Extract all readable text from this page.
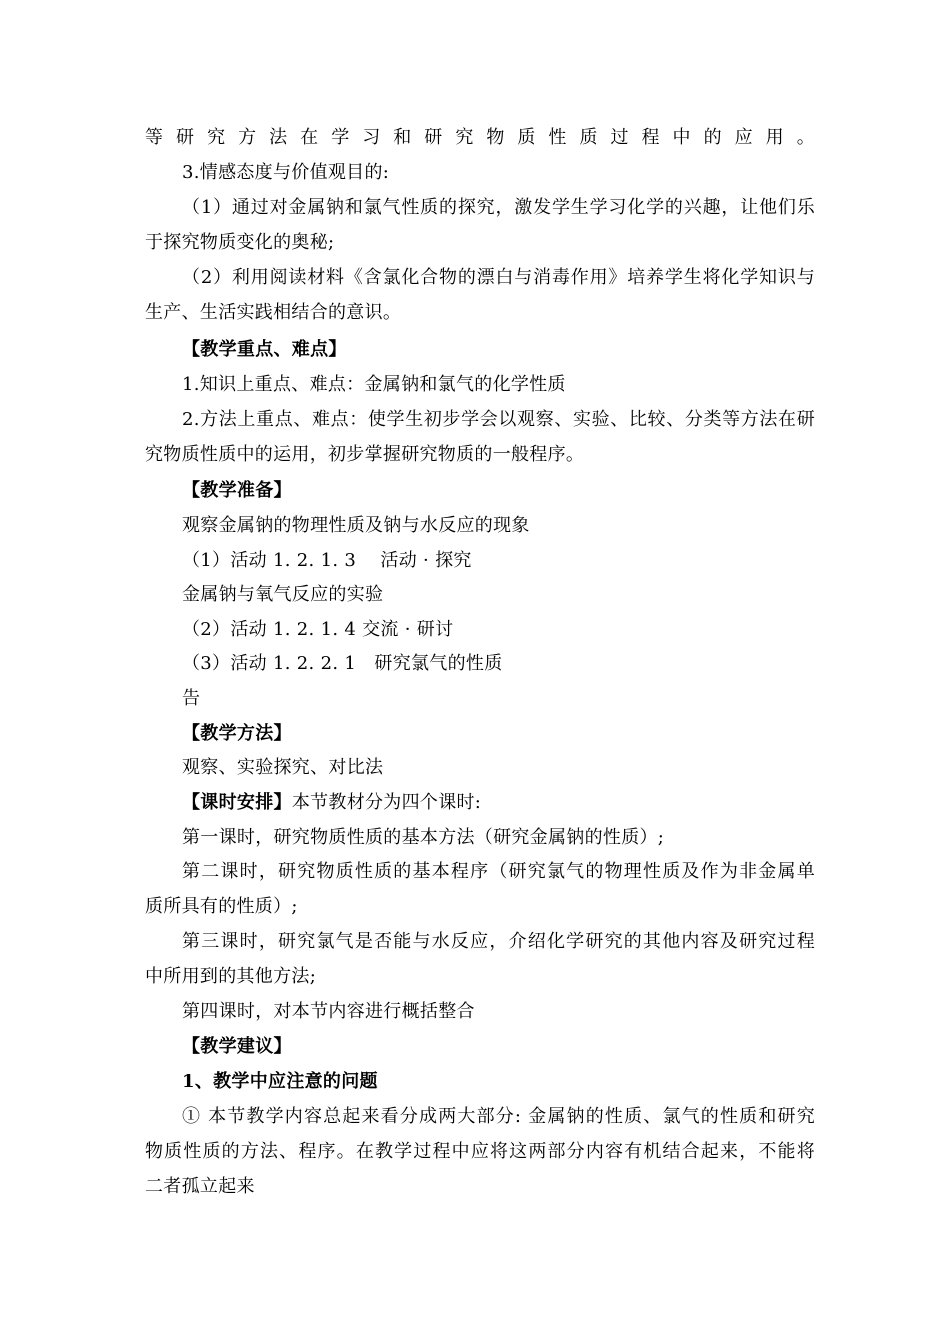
等研究方法在学习和研究物质性质过程中的应用。
3.情感态度与价值观目的:
（1）通过对金属钠和氯气性质的探究，激发学生学习化学的兴趣，让他们乐
于探究物质变化的奥秘;
（2）利用阅读材料《含氯化合物的漂白与消毒作用》培养学生将化学知识与
生产、生活实践相结合的意识。
【教学重点、难点】
1.知识上重点、难点：金属钠和氯气的化学性质
2.方法上重点、难点：使学生初步学会以观察、实验、比较、分类等方法在研
究物质性质中的运用，初步掌握研究物质的一般程序。
【教学准备】
观察金属钠的物理性质及钠与水反应的现象
（1）活动 1. 2. 1. 3　 活动 · 探究
金属钠与氧气反应的实验
（2）活动 1. 2. 1. 4 交流 · 研讨
（3）活动 1. 2. 2. 1　研究氯气的性质
告
【教学方法】
观察、实验探究、对比法
【课时安排】本节教材分为四个课时:
第一课时，研究物质性质的基本方法（研究金属钠的性质）;
第二课时，研究物质性质的基本程序（研究氯气的物理性质及作为非金属单
质所具有的性质）;
第三课时，研究氯气是否能与水反应，介绍化学研究的其他内容及研究过程
中所用到的其他方法;
第四课时，对本节内容进行概括整合
【教学建议】
1、教学中应注意的问题
① 本节教学内容总起来看分成两大部分: 金属钠的性质、氯气的性质和研究
物质性质的方法、程序。在教学过程中应将这两部分内容有机结合起来，不能将
二者孤立起来
